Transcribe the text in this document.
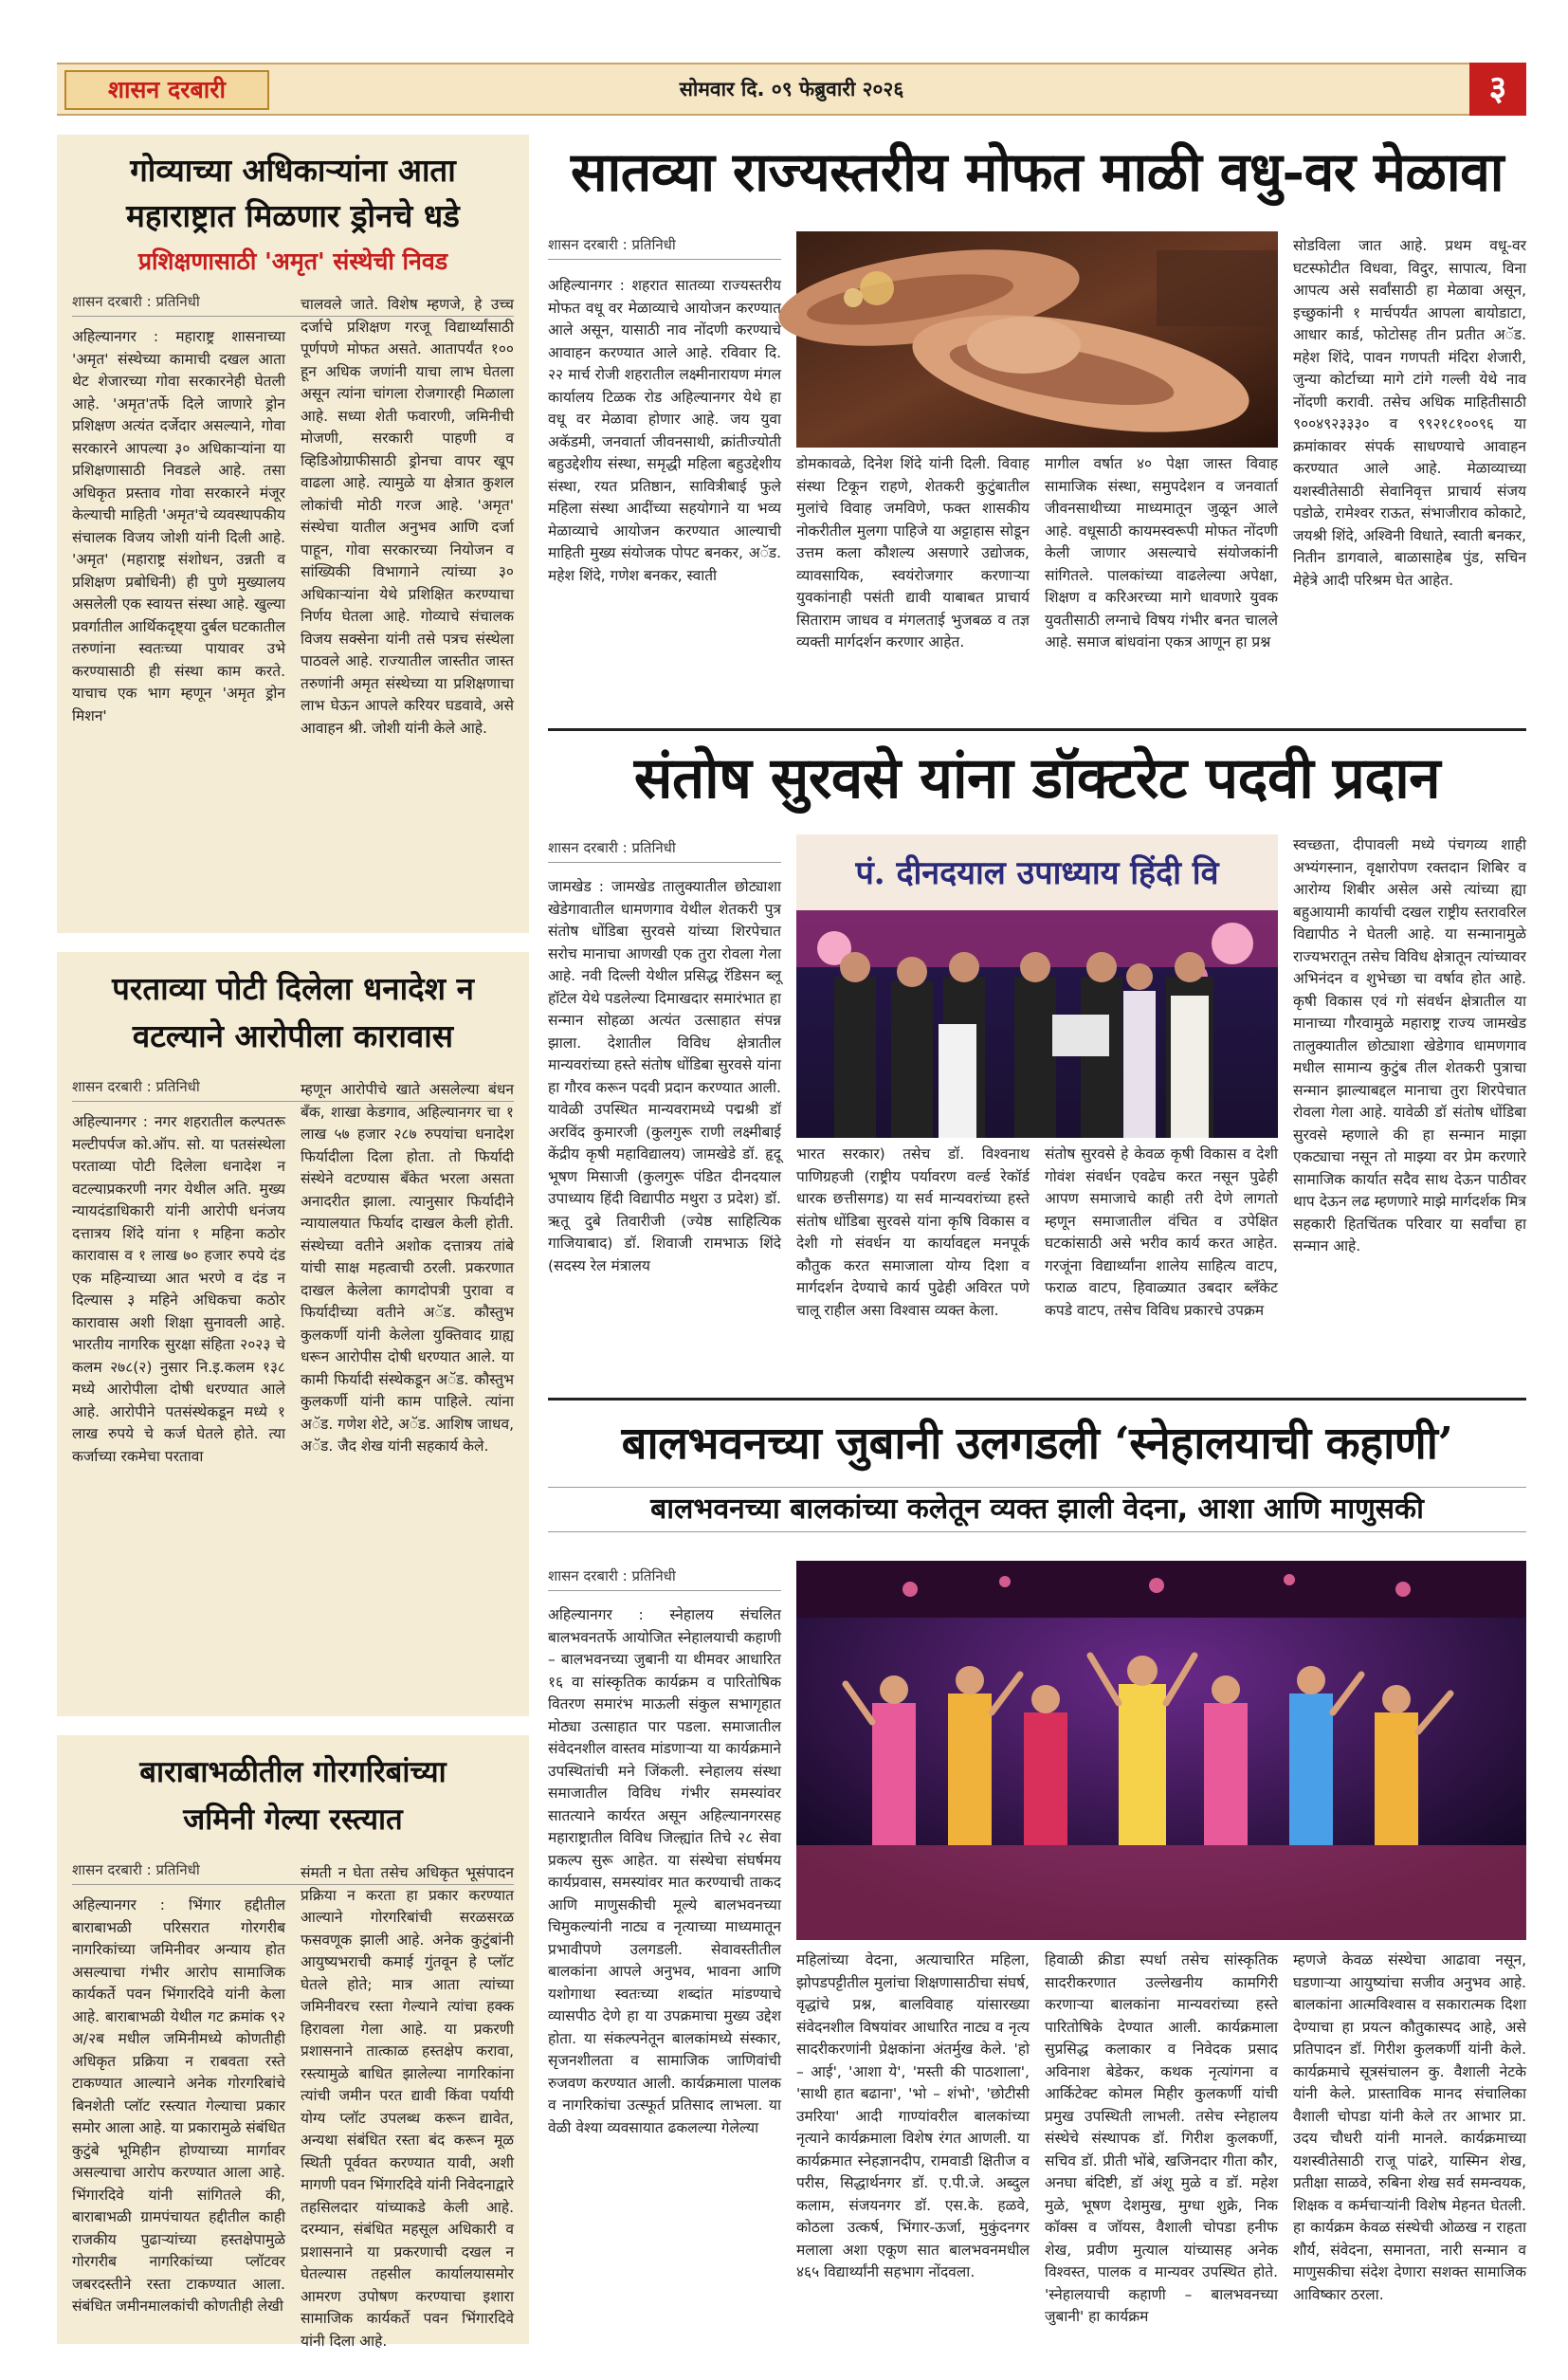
शासन दरबारी	सोमवार दि. ०९ फेब्रुवारी २०२६	३
गोव्याच्या अधिकाऱ्यांना आता
महाराष्ट्रात मिळणार ड्रोनचे धडे
प्रशिक्षणासाठी 'अमृत' संस्थेची निवड
शासन दरबारी : प्रतिनिधी
अहिल्यानगर : महाराष्ट्र शासनाच्या 'अमृत' संस्थेच्या कामाची दखल आता थेट शेजारच्या गोवा सरकारनेही घेतली आहे. 'अमृत'तर्फे दिले जाणारे ड्रोन प्रशिक्षण अत्यंत दर्जेदार असल्याने, गोवा सरकारने आपल्या ३० अधिकाऱ्यांना या प्रशिक्षणासाठी निवडले आहे. तसा अधिकृत प्रस्ताव गोवा सरकारने मंजूर केल्याची माहिती 'अमृत'चे व्यवस्थापकीय संचालक विजय जोशी यांनी दिली आहे. 'अमृत' (महाराष्ट्र संशोधन, उन्नती व प्रशिक्षण प्रबोधिनी) ही पुणे मुख्यालय असलेली एक स्वायत्त संस्था आहे. खुल्या प्रवर्गातील आर्थिकदृष्ट्या दुर्बल घटकातील तरुणांना स्वतःच्या पायावर उभे करण्यासाठी ही संस्था काम करते. याचाच एक भाग म्हणून 'अमृत ड्रोन मिशन'
चालवले जाते. विशेष म्हणजे, हे उच्च दर्जाचे प्रशिक्षण गरजू विद्यार्थ्यांसाठी पूर्णपणे मोफत असते. आतापर्यंत १०० हून अधिक जणांनी याचा लाभ घेतला असून त्यांना चांगला रोजगारही मिळाला आहे. सध्या शेती फवारणी, जमिनीची मोजणी, सरकारी पाहणी व व्हिडिओग्राफीसाठी ड्रोनचा वापर खूप वाढला आहे. त्यामुळे या क्षेत्रात कुशल लोकांची मोठी गरज आहे. 'अमृत' संस्थेचा यातील अनुभव आणि दर्जा पाहून, गोवा सरकारच्या नियोजन व सांख्यिकी विभागाने त्यांच्या ३० अधिकाऱ्यांना येथे प्रशिक्षित करण्याचा निर्णय घेतला आहे. गोव्याचे संचालक विजय सक्सेना यांनी तसे पत्रच संस्थेला पाठवले आहे. राज्यातील जास्तीत जास्त तरुणांनी अमृत संस्थेच्या या प्रशिक्षणाचा लाभ घेऊन आपले करियर घडवावे, असे आवाहन श्री. जोशी यांनी केले आहे.
परताव्या पोटी दिलेला धनादेश न
वटल्याने आरोपीला कारावास
शासन दरबारी : प्रतिनिधी
अहिल्यानगर : नगर शहरातील कल्पतरू मल्टीपर्पज को.ऑप. सो. या पतसंस्थेला परताव्या पोटी दिलेला धनादेश न वटल्याप्रकरणी नगर येथील अति. मुख्य न्यायदंडाधिकारी यांनी आरोपी धनंजय दत्तात्रय शिंदे यांना १ महिना कठोर कारावास व १ लाख ७० हजार रुपये दंड एक महिन्याच्या आत भरणे व दंड न दिल्यास ३ महिने अधिकचा कठोर कारावास अशी शिक्षा सुनावली आहे. भारतीय नागरिक सुरक्षा संहिता २०२३ चे कलम २७८(२) नुसार नि.इ.कलम १३८ मध्ये आरोपीला दोषी धरण्यात आले आहे. आरोपीने पतसंस्थेकडून मध्ये १ लाख रुपये चे कर्ज घेतले होते. त्या कर्जाच्या रकमेचा परतावा
म्हणून आरोपीचे खाते असलेल्या बंधन बँक, शाखा केडगाव, अहिल्यानगर चा १ लाख ५७ हजार २८७ रुपयांचा धनादेश फिर्यादीला दिला होता. तो फिर्यादी संस्थेने वटण्यास बँकेत भरला असता अनादरीत झाला. त्यानुसार फिर्यादीने न्यायालयात फिर्याद दाखल केली होती. संस्थेच्या वतीने अशोक दत्तात्रय तांबे यांची साक्ष महत्वाची ठरली. प्रकरणात दाखल केलेला कागदोपत्री पुरावा व फिर्यादीच्या वतीने अॅड. कौस्तुभ कुलकर्णी यांनी केलेला युक्तिवाद ग्राह्य धरून आरोपीस दोषी धरण्यात आले. या कामी फिर्यादी संस्थेकडून अॅड. कौस्तुभ कुलकर्णी यांनी काम पाहिले. त्यांना अॅड. गणेश शेटे, अॅड. आशिष जाधव, अॅड. जैद शेख यांनी सहकार्य केले.
बाराबाभळीतील गोरगरिबांच्या
जमिनी गेल्या रस्त्यात
शासन दरबारी : प्रतिनिधी
अहिल्यानगर : भिंगार हद्दीतील बाराबाभळी परिसरात गोरगरीब नागरिकांच्या जमिनीवर अन्याय होत असल्याचा गंभीर आरोप सामाजिक कार्यकर्ते पवन भिंगारदिवे यांनी केला आहे. बाराबाभळी येथील गट क्रमांक ९२ अ/२ब मधील जमिनीमध्ये कोणतीही अधिकृत प्रक्रिया न राबवता रस्ते टाकण्यात आल्याने अनेक गोरगरिबांचे बिनशेती प्लॉट रस्त्यात गेल्याचा प्रकार समोर आला आहे. या प्रकारामुळे संबंधित कुटुंबे भूमिहीन होण्याच्या मार्गावर असल्याचा आरोप करण्यात आला आहे. भिंगारदिवे यांनी सांगितले की, बाराबाभळी ग्रामपंचायत हद्दीतील काही राजकीय पुढाऱ्यांच्या हस्तक्षेपामुळे गोरगरीब नागरिकांच्या प्लॉटवर जबरदस्तीने रस्ता टाकण्यात आला. संबंधित जमीनमालकांची कोणतीही लेखी
संमती न घेता तसेच अधिकृत भूसंपादन प्रक्रिया न करता हा प्रकार करण्यात आल्याने गोरगरिबांची सरळसरळ फसवणूक झाली आहे. अनेक कुटुंबांनी आयुष्यभराची कमाई गुंतवून हे प्लॉट घेतले होते; मात्र आता त्यांच्या जमिनीवरच रस्ता गेल्याने त्यांचा हक्क हिरावला गेला आहे. या प्रकरणी प्रशासनाने तात्काळ हस्तक्षेप करावा, रस्त्यामुळे बाधित झालेल्या नागरिकांना त्यांची जमीन परत द्यावी किंवा पर्यायी योग्य प्लॉट उपलब्ध करून द्यावेत, अन्यथा संबंधित रस्ता बंद करून मूळ स्थिती पूर्ववत करण्यात यावी, अशी मागणी पवन भिंगारदिवे यांनी निवेदनाद्वारे तहसिलदार यांच्याकडे केली आहे. दरम्यान, संबंधित महसूल अधिकारी व प्रशासनाने या प्रकरणाची दखल न घेतल्यास तहसील कार्यालयासमोर आमरण उपोषण करण्याचा इशारा सामाजिक कार्यकर्ते पवन भिंगारदिवे यांनी दिला आहे.
सातव्या राज्यस्तरीय मोफत माळी वधु-वर मेळावा
शासन दरबारी : प्रतिनिधी
अहिल्यानगर : शहरात सातव्या राज्यस्तरीय मोफत वधू वर मेळाव्याचे आयोजन करण्यात आले असून, यासाठी नाव नोंदणी करण्याचे आवाहन करण्यात आले आहे. रविवार दि. २२ मार्च रोजी शहरातील लक्ष्मीनारायण मंगल कार्यालय टिळक रोड अहिल्यानगर येथे हा वधू वर मेळावा होणार आहे. जय युवा अकॅडमी, जनवार्ता जीवनसाथी, क्रांतीज्योती बहुउद्देशीय संस्था, समृद्धी महिला बहुउद्देशीय संस्था, रयत प्रतिष्ठान, सावित्रीबाई फुले महिला संस्था आदींच्या सहयोगाने या भव्य मेळाव्याचे आयोजन करण्यात आल्याची माहिती मुख्य संयोजक पोपट बनकर, अॅड. महेश शिंदे, गणेश बनकर, स्वाती
डोमकावळे, दिनेश शिंदे यांनी दिली. विवाह संस्था टिकून राहणे, शेतकरी कुटुंबातील मुलांचे विवाह जमविणे, फक्त शासकीय नोकरीतील मुलगा पाहिजे या अट्टाहास सोडून उत्तम कला कौशल्य असणारे उद्योजक, व्यावसायिक, स्वयंरोजगार करणाऱ्या युवकांनाही पसंती द्यावी याबाबत प्राचार्य सिताराम जाधव व मंगलताई भुजबळ व तज्ञ व्यक्ती मार्गदर्शन करणार आहेत.
मागील वर्षात ४० पेक्षा जास्त विवाह सामाजिक संस्था, समुपदेशन व जनवार्ता जीवनसाथीच्या माध्यमातून जुळून आले आहे. वधूसाठी कायमस्वरूपी मोफत नोंदणी केली जाणार असल्याचे संयोजकांनी सांगितले. पालकांच्या वाढलेल्या अपेक्षा, शिक्षण व करिअरच्या मागे धावणारे युवक युवतीसाठी लग्नाचे विषय गंभीर बनत चालले आहे. समाज बांधवांना एकत्र आणून हा प्रश्न
सोडविला जात आहे. प्रथम वधू-वर घटस्फोटीत विधवा, विदुर, सापात्य, विना आपत्य असे सर्वांसाठी हा मेळावा असून, इच्छुकांनी १ मार्चपर्यंत आपला बायोडाटा, आधार कार्ड, फोटोसह तीन प्रतीत अॅड. महेश शिंदे, पावन गणपती मंदिरा शेजारी, जुन्या कोर्टाच्या मागे टांगे गल्ली येथे नाव नोंदणी करावी. तसेच अधिक माहितीसाठी ९००४९२३३३० व ९९२१८१००९६ या क्रमांकावर संपर्क साधण्याचे आवाहन करण्यात आले आहे. मेळाव्याच्या यशस्वीतेसाठी सेवानिवृत्त प्राचार्य संजय पडोळे, रामेश्वर राऊत, संभाजीराव कोकाटे, जयश्री शिंदे, अश्विनी विधाते, स्वाती बनकर, नितीन डागवाले, बाळासाहेब पुंड, सचिन मेहेत्रे आदी परिश्रम घेत आहेत.
संतोष सुरवसे यांना डॉक्टरेट पदवी प्रदान
शासन दरबारी : प्रतिनिधी
जामखेड : जामखेड तालुक्यातील छोट्याशा खेडेगावातील धामणगाव येथील शेतकरी पुत्र संतोष धोंडिबा सुरवसे यांच्या शिरपेचात सरोच मानाचा आणखी एक तुरा रोवला गेला आहे. नवी दिल्ली येथील प्रसिद्ध रॅडिसन ब्लू हॉटेल येथे पडलेल्या दिमाखदार समारंभात हा सन्मान सोहळा अत्यंत उत्साहात संपन्न झाला. देशातील विविध क्षेत्रातील मान्यवरांच्या हस्ते संतोष धोंडिबा सुरवसे यांना हा गौरव करून पदवी प्रदान करण्यात आली. यावेळी उपस्थित मान्यवरामध्ये पद्मश्री डॉ अरविंद कुमारजी (कुलगुरू राणी लक्ष्मीबाई केंद्रीय कृषी महाविद्यालय) जामखेडे डॉ. हृदू भूषण मिसाजी (कुलगुरू पंडित दीनदयाल उपाध्याय हिंदी विद्यापीठ मथुरा उ प्रदेश) डॉ. ऋतू दुबे तिवारीजी (ज्येष्ठ साहित्यिक गाजियाबाद) डॉ. शिवाजी रामभाऊ शिंदे (सदस्य रेल मंत्रालय
पं. दीनदयाल उपाध्याय हिंदी वि
भारत सरकार) तसेच डॉ. विश्वनाथ पाणिग्रहजी (राष्ट्रीय पर्यावरण वर्ल्ड रेकॉर्ड धारक छत्तीसगड) या सर्व मान्यवरांच्या हस्ते संतोष धोंडिबा सुरवसे यांना कृषि विकास व देशी गो संवर्धन या कार्यावद्दल मनपूर्क कौतुक करत समाजाला योग्य दिशा व मार्गदर्शन देण्याचे कार्य पुढेही अविरत पणे चालू राहील असा विश्वास व्यक्त केला.
संतोष सुरवसे हे केवळ कृषी विकास व देशी गोवंश संवर्धन एवढेच करत नसून पुढेही आपण समाजाचे काही तरी देणे लागतो म्हणून समाजातील वंचित व उपेक्षित घटकांसाठी असे भरीव कार्य करत आहेत. गरजूंना विद्यार्थ्यांना शालेय साहित्य वाटप, फराळ वाटप, हिवाळ्यात उबदार ब्लँकेट कपडे वाटप, तसेच विविध प्रकारचे उपक्रम
स्वच्छता, दीपावली मध्ये पंचगव्य शाही अभ्यंगस्नान, वृक्षारोपण रक्तदान शिबिर व आरोग्य शिबीर असेल असे त्यांच्या ह्या बहुआयामी कार्याची दखल राष्ट्रीय स्तरावरिल विद्यापीठ ने घेतली आहे. या सन्मानामुळे राज्यभरातून तसेच विविध क्षेत्रातून त्यांच्यावर अभिनंदन व शुभेच्छा चा वर्षाव होत आहे. कृषी विकास एवं गो संवर्धन क्षेत्रातील या मानाच्या गौरवामुळे महाराष्ट्र राज्य जामखेड तालुक्यातील छोट्याशा खेडेगाव धामणगाव मधील सामान्य कुटुंब तील शेतकरी पुत्राचा सन्मान झाल्याबद्दल मानाचा तुरा शिरपेचात रोवला गेला आहे. यावेळी डॉ संतोष धोंडिबा सुरवसे म्हणाले की हा सन्मान माझा एकट्याचा नसून तो माझ्या वर प्रेम करणारे सामाजिक कार्यात सदैव साथ देऊन पाठीवर थाप देऊन लढ म्हणणारे माझे मार्गदर्शक मित्र सहकारी हितचिंतक परिवार या सर्वांचा हा सन्मान आहे.
बालभवनच्या जुबानी उलगडली ‘स्नेहालयाची कहाणी’
बालभवनच्या बालकांच्या कलेतून व्यक्त झाली वेदना, आशा आणि माणुसकी
शासन दरबारी : प्रतिनिधी
अहिल्यानगर : स्नेहालय संचलित बालभवनतर्फे आयोजित स्नेहालयाची कहाणी – बालभवनच्या जुबानी या थीमवर आधारित १६ वा सांस्कृतिक कार्यक्रम व पारितोषिक वितरण समारंभ माऊली संकुल सभागृहात मोठ्या उत्साहात पार पडला. समाजातील संवेदनशील वास्तव मांडणाऱ्या या कार्यक्रमाने उपस्थितांची मने जिंकली. स्नेहालय संस्था समाजातील विविध गंभीर समस्यांवर सातत्याने कार्यरत असून अहिल्यानगरसह महाराष्ट्रातील विविध जिल्ह्यांत तिचे २८ सेवा प्रकल्प सुरू आहेत. या संस्थेचा संघर्षमय कार्यप्रवास, समस्यांवर मात करण्याची ताकद आणि माणुसकीची मूल्ये बालभवनच्या चिमुकल्यांनी नाट्य व नृत्याच्या माध्यमातून प्रभावीपणे उलगडली. सेवावस्तीतील बालकांना आपले अनुभव, भावना आणि यशोगाथा स्वतःच्या शब्दांत मांडण्याचे व्यासपीठ देणे हा या उपक्रमाचा मुख्य उद्देश होता. या संकल्पनेतून बालकांमध्ये संस्कार, सृजनशीलता व सामाजिक जाणिवांची रुजवण करण्यात आली. कार्यक्रमाला पालक व नागरिकांचा उत्स्फूर्त प्रतिसाद लाभला. या वेळी वेश्या व्यवसायात ढकलल्या गेलेल्या
महिलांच्या वेदना, अत्याचारित महिला, झोपडपट्टीतील मुलांचा शिक्षणासाठीचा संघर्ष, वृद्धांचे प्रश्न, बालविवाह यांसारख्या संवेदनशील विषयांवर आधारित नाट्य व नृत्य सादरीकरणांनी प्रेक्षकांना अंतर्मुख केले. 'हो – आई', 'आशा ये', 'मस्ती की पाठशाला', 'साथी हात बढाना', 'भो – शंभो', 'छोटीसी उमरिया' आदी गाण्यांवरील बालकांच्या नृत्याने कार्यक्रमाला विशेष रंगत आणली. या कार्यक्रमात स्नेहज्ञानदीप, रामवाडी क्षितीज व परीस, सिद्धार्थनगर डॉ. ए.पी.जे. अब्दुल कलाम, संजयनगर डॉ. एस.के. हळवे, कोठला उत्कर्ष, भिंगार-ऊर्जा, मुकुंदनगर मलाला अशा एकूण सात बालभवनमधील ४६५ विद्यार्थ्यांनी सहभाग नोंदवला.
हिवाळी क्रीडा स्पर्धा तसेच सांस्कृतिक सादरीकरणात उल्लेखनीय कामगिरी करणाऱ्या बालकांना मान्यवरांच्या हस्ते पारितोषिके देण्यात आली. कार्यक्रमाला सुप्रसिद्ध कलाकार व निवेदक प्रसाद अविनाश बेडेकर, कथक नृत्यांगना व आर्किटेक्ट कोमल मिहीर कुलकर्णी यांची प्रमुख उपस्थिती लाभली. तसेच स्नेहालय संस्थेचे संस्थापक डॉ. गिरीश कुलकर्णी, सचिव डॉ. प्रीती भोंबे, खजिनदार गीता कौर, अनघा बंदिष्टी, डॉ अंशू मुळे व डॉ. महेश मुळे, भूषण देशमुख, मुग्धा शुक्रे, निक कॉक्स व जॉयस, वैशाली चोपडा हनीफ शेख, प्रवीण मुत्याल यांच्यासह अनेक विश्वस्त, पालक व मान्यवर उपस्थित होते. 'स्नेहालयाची कहाणी – बालभवनच्या जुबानी' हा कार्यक्रम
म्हणजे केवळ संस्थेचा आढावा नसून, घडणाऱ्या आयुष्यांचा सजीव अनुभव आहे. बालकांना आत्मविश्वास व सकारात्मक दिशा देण्याचा हा प्रयत्न कौतुकास्पद आहे, असे प्रतिपादन डॉ. गिरीश कुलकर्णी यांनी केले. कार्यक्रमाचे सूत्रसंचालन कु. वैशाली नेटके यांनी केले. प्रास्ताविक मानद संचालिका वैशाली चोपडा यांनी केले तर आभार प्रा. उदय चौधरी यांनी मानले. कार्यक्रमाच्या यशस्वीतेसाठी राजू पांढरे, यास्मिन शेख, प्रतीक्षा साळवे, रुबिना शेख सर्व समन्वयक, शिक्षक व कर्मचाऱ्यांनी विशेष मेहनत घेतली. हा कार्यक्रम केवळ संस्थेची ओळख न राहता शौर्य, संवेदना, समानता, नारी सन्मान व माणुसकीचा संदेश देणारा सशक्त सामाजिक आविष्कार ठरला.
